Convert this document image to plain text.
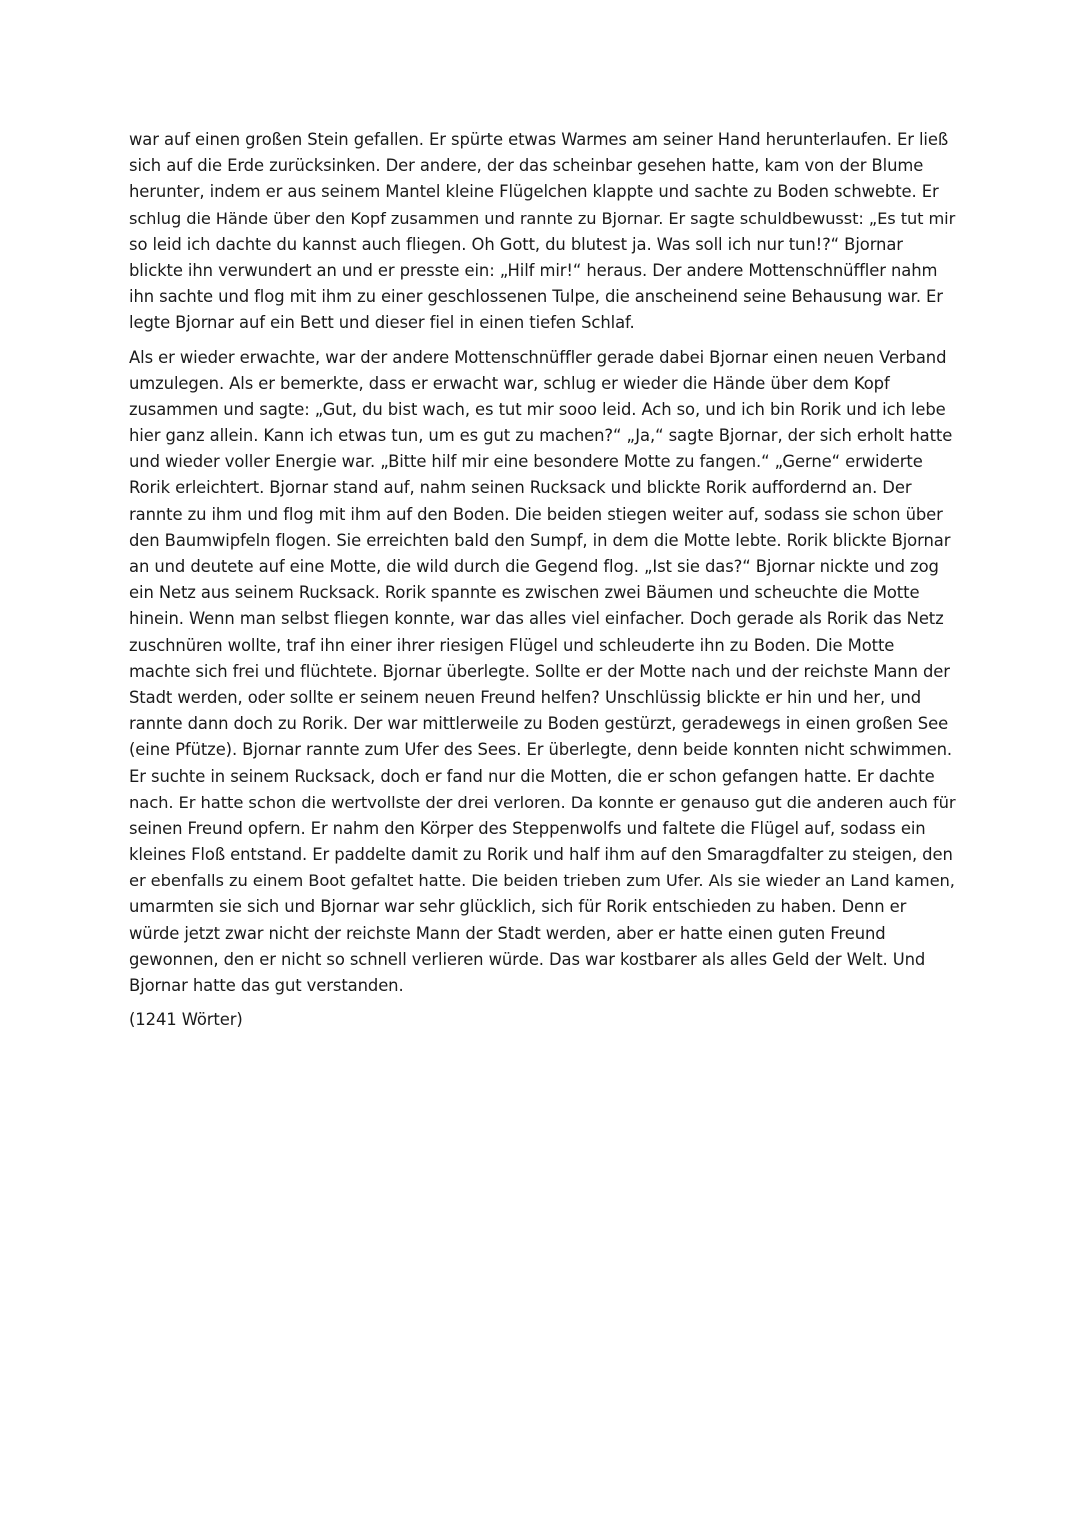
war auf einen großen Stein gefallen. Er spürte etwas Warmes am seiner Hand herunterlaufen. Er ließ
sich auf die Erde zurücksinken. Der andere, der das scheinbar gesehen hatte, kam von der Blume
herunter, indem er aus seinem Mantel kleine Flügelchen klappte und sachte zu Boden schwebte. Er
schlug die Hände über den Kopf zusammen und rannte zu Bjornar. Er sagte schuldbewusst: „Es tut mir
so leid ich dachte du kannst auch fliegen. Oh Gott, du blutest ja. Was soll ich nur tun!?“ Bjornar
blickte ihn verwundert an und er presste ein: „Hilf mir!“ heraus. Der andere Mottenschnüffler nahm
ihn sachte und flog mit ihm zu einer geschlossenen Tulpe, die anscheinend seine Behausung war. Er
legte Bjornar auf ein Bett und dieser fiel in einen tiefen Schlaf.
Als er wieder erwachte, war der andere Mottenschnüffler gerade dabei Bjornar einen neuen Verband
umzulegen. Als er bemerkte, dass er erwacht war, schlug er wieder die Hände über dem Kopf
zusammen und sagte: „Gut, du bist wach, es tut mir sooo leid. Ach so, und ich bin Rorik und ich lebe
hier ganz allein. Kann ich etwas tun, um es gut zu machen?“ „Ja,“ sagte Bjornar, der sich erholt hatte
und wieder voller Energie war. „Bitte hilf mir eine besondere Motte zu fangen.“ „Gerne“ erwiderte
Rorik erleichtert. Bjornar stand auf, nahm seinen Rucksack und blickte Rorik auffordernd an. Der
rannte zu ihm und flog mit ihm auf den Boden. Die beiden stiegen weiter auf, sodass sie schon über
den Baumwipfeln flogen. Sie erreichten bald den Sumpf, in dem die Motte lebte. Rorik blickte Bjornar
an und deutete auf eine Motte, die wild durch die Gegend flog. „Ist sie das?“ Bjornar nickte und zog
ein Netz aus seinem Rucksack. Rorik spannte es zwischen zwei Bäumen und scheuchte die Motte
hinein. Wenn man selbst fliegen konnte, war das alles viel einfacher. Doch gerade als Rorik das Netz
zuschnüren wollte, traf ihn einer ihrer riesigen Flügel und schleuderte ihn zu Boden. Die Motte
machte sich frei und flüchtete. Bjornar überlegte. Sollte er der Motte nach und der reichste Mann der
Stadt werden, oder sollte er seinem neuen Freund helfen? Unschlüssig blickte er hin und her, und
rannte dann doch zu Rorik. Der war mittlerweile zu Boden gestürzt, geradewegs in einen großen See
(eine Pfütze). Bjornar rannte zum Ufer des Sees. Er überlegte, denn beide konnten nicht schwimmen.
Er suchte in seinem Rucksack, doch er fand nur die Motten, die er schon gefangen hatte. Er dachte
nach. Er hatte schon die wertvollste der drei verloren. Da konnte er genauso gut die anderen auch für
seinen Freund opfern. Er nahm den Körper des Steppenwolfs und faltete die Flügel auf, sodass ein
kleines Floß entstand. Er paddelte damit zu Rorik und half ihm auf den Smaragdfalter zu steigen, den
er ebenfalls zu einem Boot gefaltet hatte. Die beiden trieben zum Ufer. Als sie wieder an Land kamen,
umarmten sie sich und Bjornar war sehr glücklich, sich für Rorik entschieden zu haben. Denn er
würde jetzt zwar nicht der reichste Mann der Stadt werden, aber er hatte einen guten Freund
gewonnen, den er nicht so schnell verlieren würde. Das war kostbarer als alles Geld der Welt. Und
Bjornar hatte das gut verstanden.
(1241 Wörter)
